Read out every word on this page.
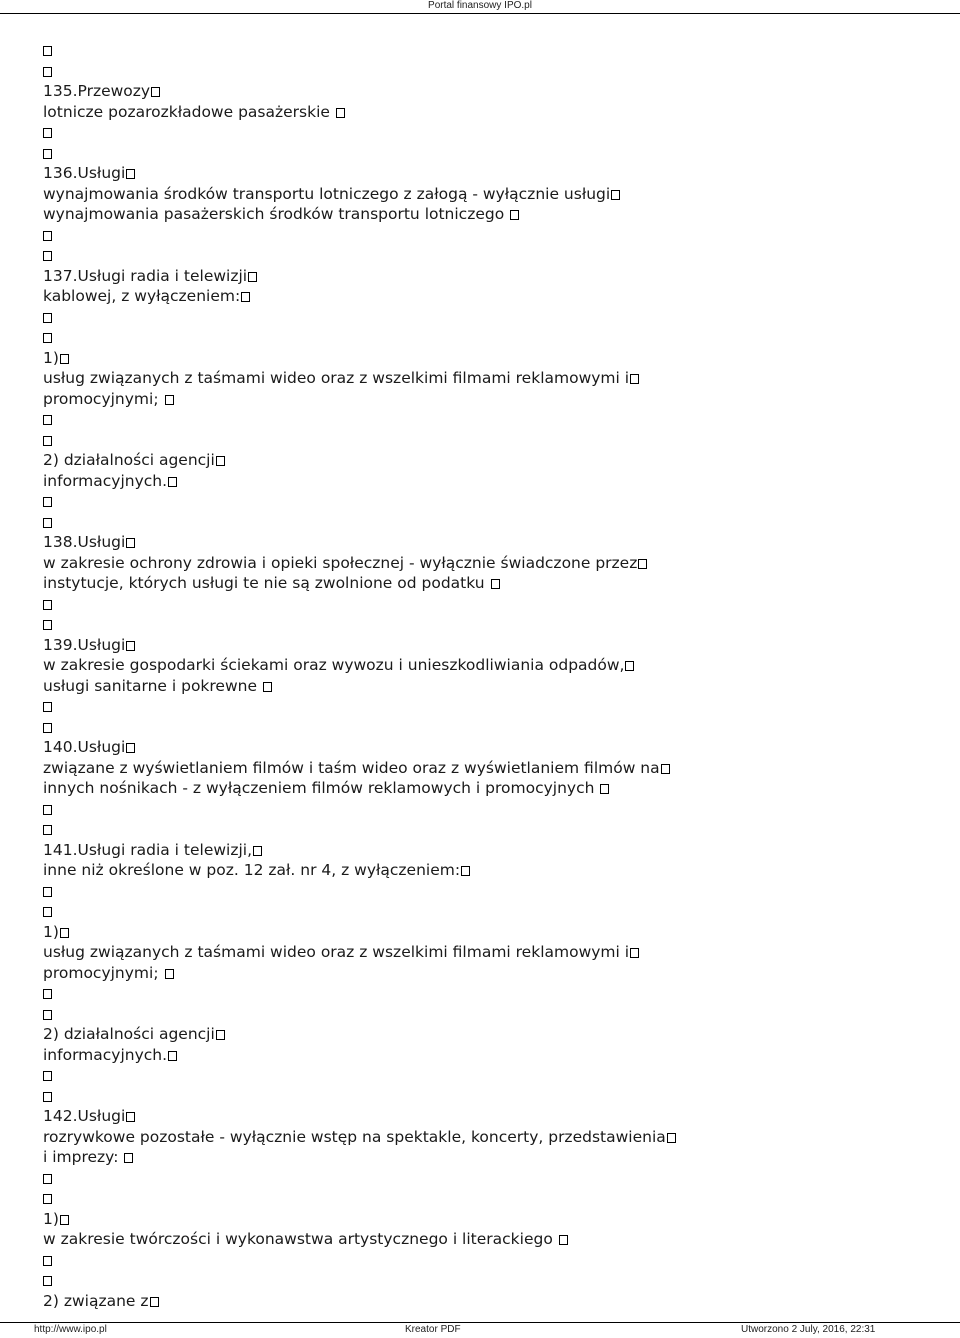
Portal finansowy IPO.pl
135.Przewozy
lotnicze pozarozkładowe pasażerskie
136.Usługi
wynajmowania środków transportu lotniczego z załogą - wyłącznie usługi
wynajmowania pasażerskich środków transportu lotniczego
137.Usługi radia i telewizji
kablowej, z wyłączeniem:
1)
usług związanych z taśmami wideo oraz z wszelkimi filmami reklamowymi i
promocyjnymi;
2) działalności agencji
informacyjnych.
138.Usługi
w zakresie ochrony zdrowia i opieki społecznej - wyłącznie świadczone przez
instytucje, których usługi te nie są zwolnione od podatku
139.Usługi
w zakresie gospodarki ściekami oraz wywozu i unieszkodliwiania odpadów,
usługi sanitarne i pokrewne
140.Usługi
związane z wyświetlaniem filmów i taśm wideo oraz z wyświetlaniem filmów na
innych nośnikach - z wyłączeniem filmów reklamowych i promocyjnych
141.Usługi radia i telewizji,
inne niż określone w poz. 12 zał. nr 4, z wyłączeniem:
1)
usług związanych z taśmami wideo oraz z wszelkimi filmami reklamowymi i
promocyjnymi;
2) działalności agencji
informacyjnych.
142.Usługi
rozrywkowe pozostałe - wyłącznie wstęp na spektakle, koncerty, przedstawienia
i imprezy:
1)
w zakresie twórczości i wykonawstwa artystycznego i literackiego
2) związane z
http://www.ipo.pl	Kreator PDF	Utworzono 2 July, 2016, 22:31
